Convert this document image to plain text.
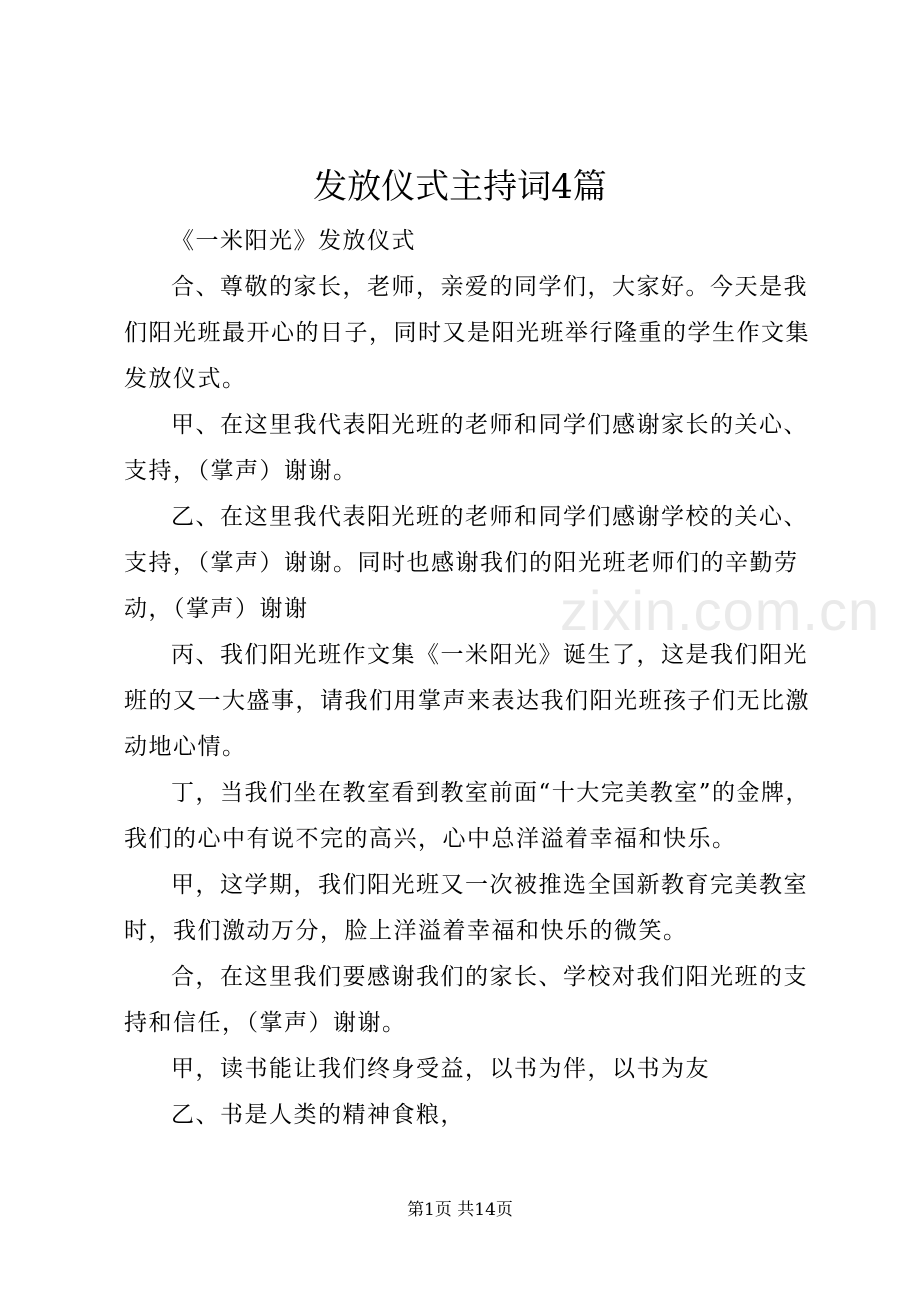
发放仪式主持词4篇

《一米阳光》发放仪式

合、尊敬的家长，老师，亲爱的同学们，大家好。今天是我们阳光班最开心的日子，同时又是阳光班举行隆重的学生作文集发放仪式。

甲、在这里我代表阳光班的老师和同学们感谢家长的关心、支持，（掌声）谢谢。

乙、在这里我代表阳光班的老师和同学们感谢学校的关心、支持，（掌声）谢谢。同时也感谢我们的阳光班老师们的辛勤劳动，（掌声）谢谢

丙、我们阳光班作文集《一米阳光》诞生了，这是我们阳光班的又一大盛事，请我们用掌声来表达我们阳光班孩子们无比激动地心情。

丁，当我们坐在教室看到教室前面“十大完美教室”的金牌，我们的心中有说不完的高兴，心中总洋溢着幸福和快乐。

甲，这学期，我们阳光班又一次被推选全国新教育完美教室时，我们激动万分，脸上洋溢着幸福和快乐的微笑。

合，在这里我们要感谢我们的家长、学校对我们阳光班的支持和信任，（掌声）谢谢。

甲，读书能让我们终身受益，以书为伴，以书为友

乙、书是人类的精神食粮，

zixin.com.cn
第1页 共14页
